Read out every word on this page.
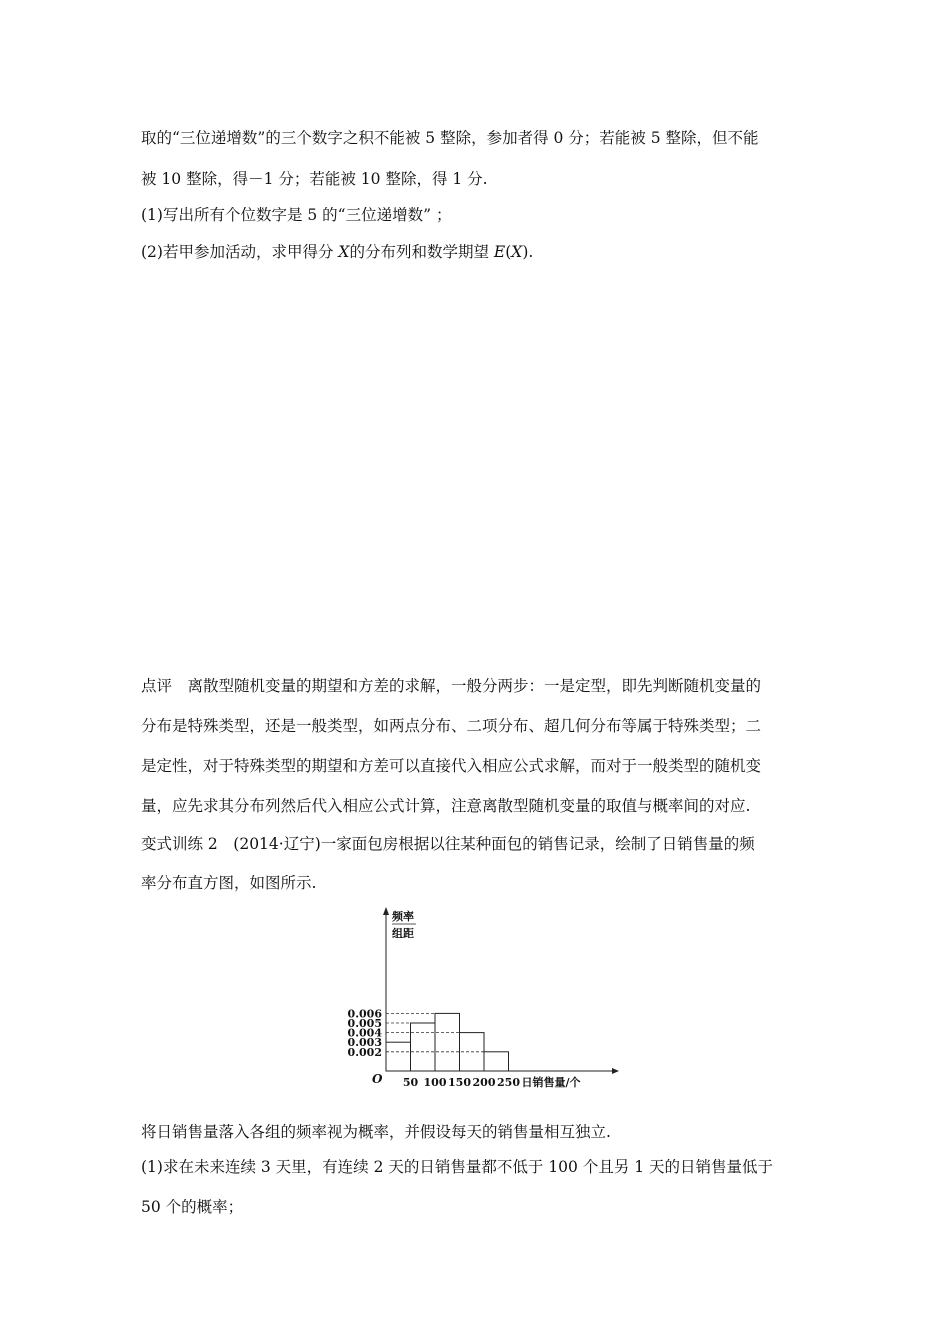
取的“三位递增数”的三个数字之积不能被 5 整除，参加者得 0 分；若能被 5 整除，但不能
被 10 整除，得－1 分；若能被 10 整除，得 1 分.
(1)写出所有个位数字是 5 的“三位递增数” ；
(2)若甲参加活动，求甲得分 X的分布列和数学期望 E(X).
点评　离散型随机变量的期望和方差的求解，一般分两步：一是定型，即先判断随机变量的
分布是特殊类型，还是一般类型，如两点分布、二项分布、超几何分布等属于特殊类型；二
是定性，对于特殊类型的期望和方差可以直接代入相应公式求解，而对于一般类型的随机变
量，应先求其分布列然后代入相应公式计算，注意离散型随机变量的取值与概率间的对应.
变式训练 2　(2014·辽宁)一家面包房根据以往某种面包的销售记录，绘制了日销售量的频
率分布直方图，如图所示.
0.006
0.005
0.004
0.003
0.002
50 100 150 200 250
O
频率
组距
日销售量/个
将日销售量落入各组的频率视为概率，并假设每天的销售量相互独立.
(1)求在未来连续 3 天里，有连续 2 天的日销售量都不低于 100 个且另 1 天的日销售量低于
50 个的概率；
